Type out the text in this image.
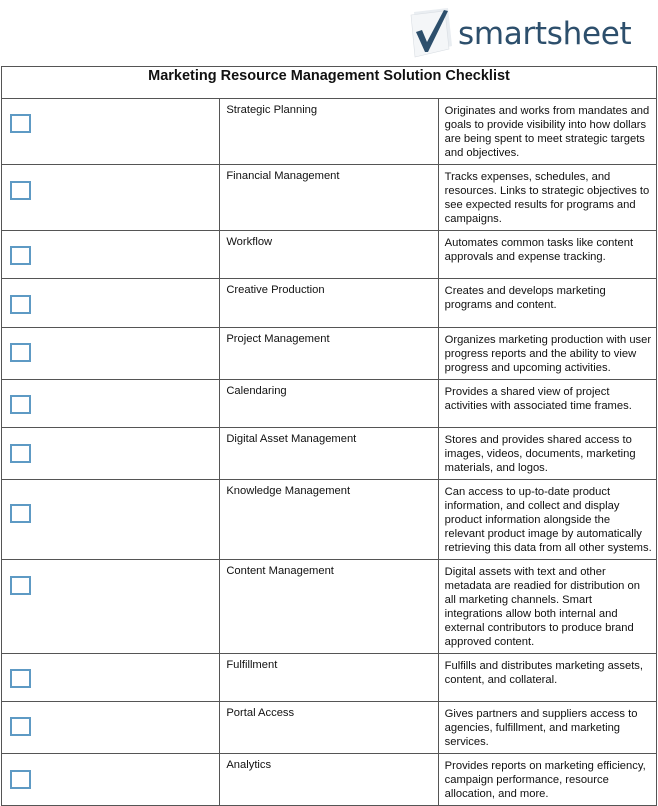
smartsheet
Marketing Resource Management Solution Checklist		

	Strategic Planning	Originates and works from mandates and goals to provide visibility into how dollars are being spent to meet strategic targets and objectives.

	Financial Management	Tracks expenses, schedules, and resources. Links to strategic objectives to see expected results for programs and campaigns.

	Workflow	Automates common tasks like content approvals and expense tracking.

	Creative Production	Creates and develops marketing programs and content.

	Project Management	Organizes marketing production with user progress reports and the ability to view progress and upcoming activities.

	Calendaring	Provides a shared view of project activities with associated time frames.

	Digital Asset Management	Stores and provides shared access to images, videos, documents, marketing materials, and logos.

	Knowledge Management	Can access to up-to-date product information, and collect and display product information alongside the relevant product image by automatically retrieving this data from all other systems.

	Content Management	Digital assets with text and other metadata are readied for distribution on all marketing channels. Smart integrations allow both internal and external contributors to produce brand approved content.

	Fulfillment	Fulfills and distributes marketing assets, content, and collateral.

	Portal Access	Gives partners and suppliers access to agencies, fulfillment, and marketing services.

	Analytics	Provides reports on marketing efficiency, campaign performance, resource allocation, and more.
